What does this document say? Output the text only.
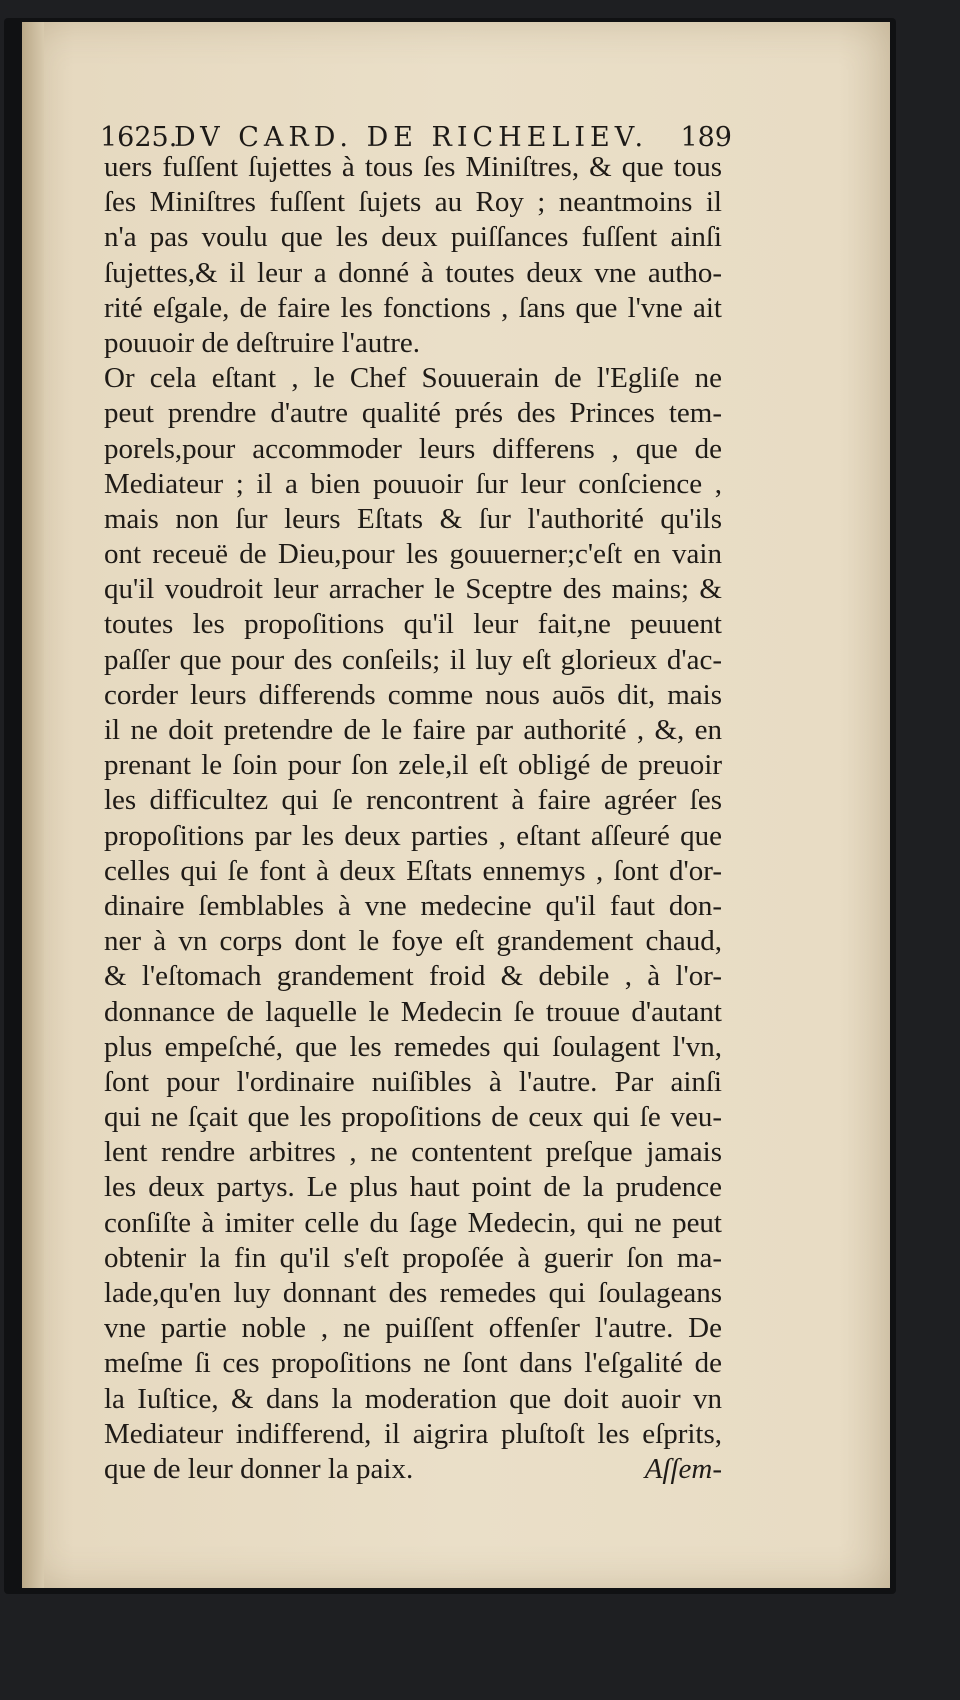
1625.
DV CARD. DE RICHELIEV. 189
uers fuſſent ſujettes à tous ſes Miniſtres, & que tous
ſes Miniſtres fuſſent ſujets au Roy ; neantmoins il
n'a pas voulu que les deux puiſſances fuſſent ainſi
ſujettes,& il leur a donné à toutes deux vne autho-
rité eſgale, de faire les fonctions , ſans que l'vne ait
pouuoir de deſtruire l'autre.
Or cela eſtant , le Chef Souuerain de l'Egliſe ne
peut prendre d'autre qualité prés des Princes tem-
porels,pour accommoder leurs differens , que de
Mediateur ; il a bien pouuoir ſur leur conſcience ,
mais non ſur leurs Eſtats & ſur l'authorité qu'ils
ont receuë de Dieu,pour les gouuerner;c'eſt en vain
qu'il voudroit leur arracher le Sceptre des mains; &
toutes les propoſitions qu'il leur fait,ne peuuent
paſſer que pour des conſeils; il luy eſt glorieux d'ac-
corder leurs differends comme nous auōs dit, mais
il ne doit pretendre de le faire par authorité , &, en
prenant le ſoin pour ſon zele,il eſt obligé de preuoir
les difficultez qui ſe rencontrent à faire agréer ſes
propoſitions par les deux parties , eſtant aſſeuré que
celles qui ſe font à deux Eſtats ennemys , ſont d'or-
dinaire ſemblables à vne medecine qu'il faut don-
ner à vn corps dont le foye eſt grandement chaud,
& l'eſtomach grandement froid & debile , à l'or-
donnance de laquelle le Medecin ſe trouue d'autant
plus empeſché, que les remedes qui ſoulagent l'vn,
ſont pour l'ordinaire nuiſibles à l'autre. Par ainſi
qui ne ſçait que les propoſitions de ceux qui ſe veu-
lent rendre arbitres , ne contentent preſque jamais
les deux partys. Le plus haut point de la prudence
conſiſte à imiter celle du ſage Medecin, qui ne peut
obtenir la fin qu'il s'eſt propoſée à guerir ſon ma-
lade,qu'en luy donnant des remedes qui ſoulageans
vne partie noble , ne puiſſent offenſer l'autre. De
meſme ſi ces propoſitions ne ſont dans l'eſgalité de
la Iuſtice, & dans la moderation que doit auoir vn
Mediateur indifferend, il aigrira pluſtoſt les eſprits,
que de leur donner la paix.	Aſſem-
